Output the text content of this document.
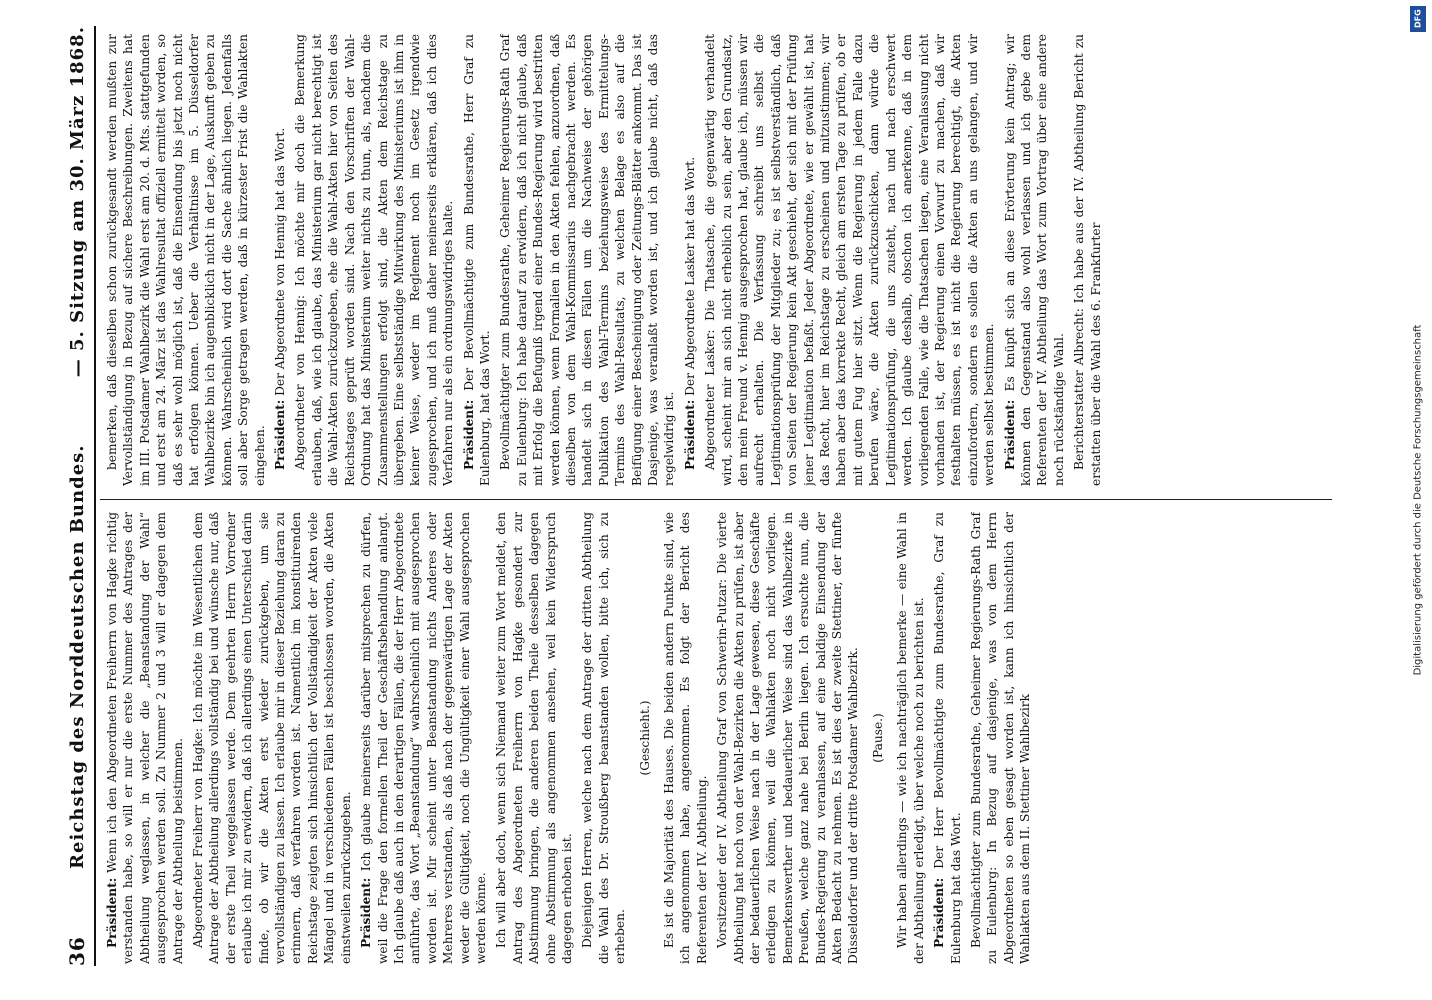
36
Reichstag des Norddeutschen Bundes.
— 5. Sitzung am 30. März 1868.

Präsident: Wenn ich den Abgeordneten Freiherrn von Hagke richtig verstanden habe, so will er nur die erste Nummer des Antrages der Abtheilung weglassen, in welcher die „Beanstandung der Wahl“ ausgesprochen werden soll. Zu Nummer 2 und 3 will er dagegen dem Antrage der Abtheilung beistimmen. Abgeordneter Freiherr von Hagke: Ich möchte im Wesentlichen dem Antrage der Abtheilung allerdings vollständig bei und wünsche nur, daß der erste Theil weggelassen werde. Dem geehrten Herrn Vorredner erlaube ich mir zu erwidern, daß ich allerdings einen Unterschied darin finde, ob wir die Akten erst wieder zurückgeben, um sie vervollständigen zu lassen. Ich erlaube mir in dieser Beziehung daran zu erinnern, daß verfahren worden ist. Namentlich im konstituirenden Reichstage zeigten sich hinsichtlich der Vollständigkeit der Akten viele Mängel und in verschiedenen Fällen ist beschlossen worden, die Akten einstweilen zurückzugeben. Präsident: Ich glaube meinerseits darüber mitsprechen zu dürfen, weil die Frage den formellen Theil der Geschäftsbehandlung anlangt. Ich glaube daß auch in den derartigen Fällen, die der Herr Abgeordnete anführte, das Wort „Beanstandung“ wahrscheinlich mit ausgesprochen worden ist. Mir scheint unter Beanstandung nichts Anderes oder Mehreres verstanden, als daß nach der gegenwärtigen Lage der Akten weder die Gültigkeit, noch die Ungültigkeit einer Wahl ausgesprochen werden könne. Ich will aber doch, wenn sich Niemand weiter zum Wort meldet, den Antrag des Abgeordneten Freiherrn von Hagke gesondert zur Abstimmung bringen, die anderen beiden Theile desselben dagegen ohne Abstimmung als angenommen ansehen, weil kein Widerspruch dagegen erhoben ist. Diejenigen Herren, welche nach dem Antrage der dritten Abtheilung die Wahl des Dr. Stroußberg beanstanden wollen, bitte ich, sich zu erheben.

(Geschieht.) Es ist die Majorität des Hauses. Die beiden andern Punkte sind, wie ich angenommen habe, angenommen. Es folgt der Bericht des Referenten der IV. Abtheilung. Vorsitzender der IV. Abtheilung Graf von Schwerin-Putzar: Die vierte Abtheilung hat noch von der Wahl-Bezirken die Akten zu prüfen, ist aber der bedauerlichen Weise nach in der Lage gewesen, diese Geschäfte erledigen zu können, weil die Wahlakten noch nicht vorliegen. Bemerkenswerther und bedauerlicher Weise sind das Wahlbezirke in Preußen, welche ganz nahe bei Berlin liegen. Ich ersuchte nun, die Bundes-Regierung zu veranlassen, auf eine baldige Einsendung der Akten Bedacht zu nehmen. Es ist dies der zweite Stettiner, der fünfte Düsseldorfer und der dritte Potsdamer Wahlbezirk. (Pause.) Wir haben allerdings — wie ich nachträglich bemerke — eine Wahl in der Abtheilung erledigt, über welche noch zu berichten ist. Präsident: Der Herr Bevollmächtigte zum Bundesrathe, Graf zu Eulenburg hat das Wort. Bevollmächtigter zum Bundesrathe, Geheimer Regierungs-Rath Graf zu Eulenburg: In Bezug auf dasjenige, was von dem Herrn Abgeordneten so eben gesagt worden ist, kann ich hinsichtlich der Wahlakten aus dem II. Stettiner Wahlbezirk

bemerken, daß dieselben schon zurückgesandt werden mußten zur Vervollständigung in Bezug auf sichere Beschreibungen. Zweitens hat im III. Potsdamer Wahlbezirk die Wahl erst am 20. d. Mts. stattgefunden und erst am 24. März ist das Wahlresultat offiziell ermittelt worden, so daß es sehr wohl möglich ist, daß die Einsendung bis jetzt noch nicht hat erfolgen können. Ueber die Verhältnisse im 5. Düsseldorfer Wahlbezirke bin ich augenblicklich nicht in der Lage, Auskunft geben zu können. Wahrscheinlich wird dort die Sache ähnlich liegen. Jedenfalls soll aber Sorge getragen werden, daß in kürzester Frist die Wahlakten eingehen. Präsident: Der Abgeordnete von Hennig hat das Wort. Abgeordneter von Hennig: Ich möchte mir doch die Bemerkung erlauben, daß, wie ich glaube, das Ministerium gar nicht berechtigt ist die Wahl-Akten zurückzugeben, ehe die Wahl-Akten hier von Seiten des Reichstages geprüft worden sind. Nach den Vorschriften der Wahl-Ordnung hat das Ministerium weiter nichts zu thun, als, nachdem die Zusammenstellungen erfolgt sind, die Akten dem Reichstage zu übergeben. Eine selbstständige Mitwirkung des Ministeriums ist ihm in keiner Weise, weder im Reglement noch im Gesetz irgendwie zugesprochen, und ich muß daher meinerseits erklären, daß ich dies Verfahren nur als ein ordnungswidriges halte. Präsident: Der Bevollmächtigte zum Bundesrathe, Herr Graf zu Eulenburg, hat das Wort. Bevollmächtigter zum Bundesrathe, Geheimer Regierungs-Rath Graf zu Eulenburg: Ich habe darauf zu erwidern, daß ich nicht glaube, daß mit Erfolg die Befugniß irgend einer Bundes-Regierung wird bestritten werden können, wenn Formalien in den Akten fehlen, anzuordnen, daß dieselben von dem Wahl-Kommissarius nachgebracht werden. Es handelt sich in diesen Fällen um die Nachweise der gehörigen Publikation des Wahl-Termins beziehungsweise des Ermittelungs-Termins des Wahl-Resultats, zu welchen Belage es also auf die Beifügung einer Bescheinigung oder Zeitungs-Blätter ankommt. Das ist Dasjenige, was veranlaßt worden ist, und ich glaube nicht, daß das regelwidrig ist. Präsident: Der Abgeordnete Lasker hat das Wort. Abgeordneter Lasker: Die Thatsache, die gegenwärtig verhandelt wird, scheint mir an sich nicht erheblich zu sein, aber den Grundsatz, den mein Freund v. Hennig ausgesprochen hat, glaube ich, müssen wir aufrecht erhalten. Die Verfassung schreibt uns selbst die Legitimationsprüfung der Mitglieder zu; es ist selbstverständlich, daß von Seiten der Regierung kein Akt geschieht, der sich mit der Prüfung jener Legitimation befaßt. Jeder Abgeordnete, wie er gewählt ist, hat das Recht, hier im Reichstage zu erscheinen und mitzustimmen; wir haben aber das korrekte Recht, gleich am ersten Tage zu prüfen, ob er mit gutem Fug hier sitzt. Wenn die Regierung in jedem Falle dazu berufen wäre, die Akten zurückzuschicken, dann würde die Legitimationsprüfung, die uns zusteht, nach und nach erschwert werden. Ich glaube deshalb, obschon ich anerkenne, daß in dem vorliegenden Falle, wie die Thatsachen liegen, eine Veranlassung nicht vorhanden ist, der Regierung einen Vorwurf zu machen, daß wir festhalten müssen, es ist nicht die Regierung berechtigt, die Akten einzufordern, sondern es sollen die Akten an uns gelangen, und wir werden selbst bestimmen. Präsident: Es knüpft sich an diese Erörterung kein Antrag; wir können den Gegenstand also wohl verlassen und ich gebe dem Referenten der IV. Abtheilung das Wort zum Vortrag über eine andere noch rückständige Wahl. Berichterstatter Albrecht: Ich habe aus der IV. Abtheilung Bericht zu erstatten über die Wahl des 6. Frankfurter

DFG
Digitalisierung gefördert durch die Deutsche Forschungsgemeinschaft
